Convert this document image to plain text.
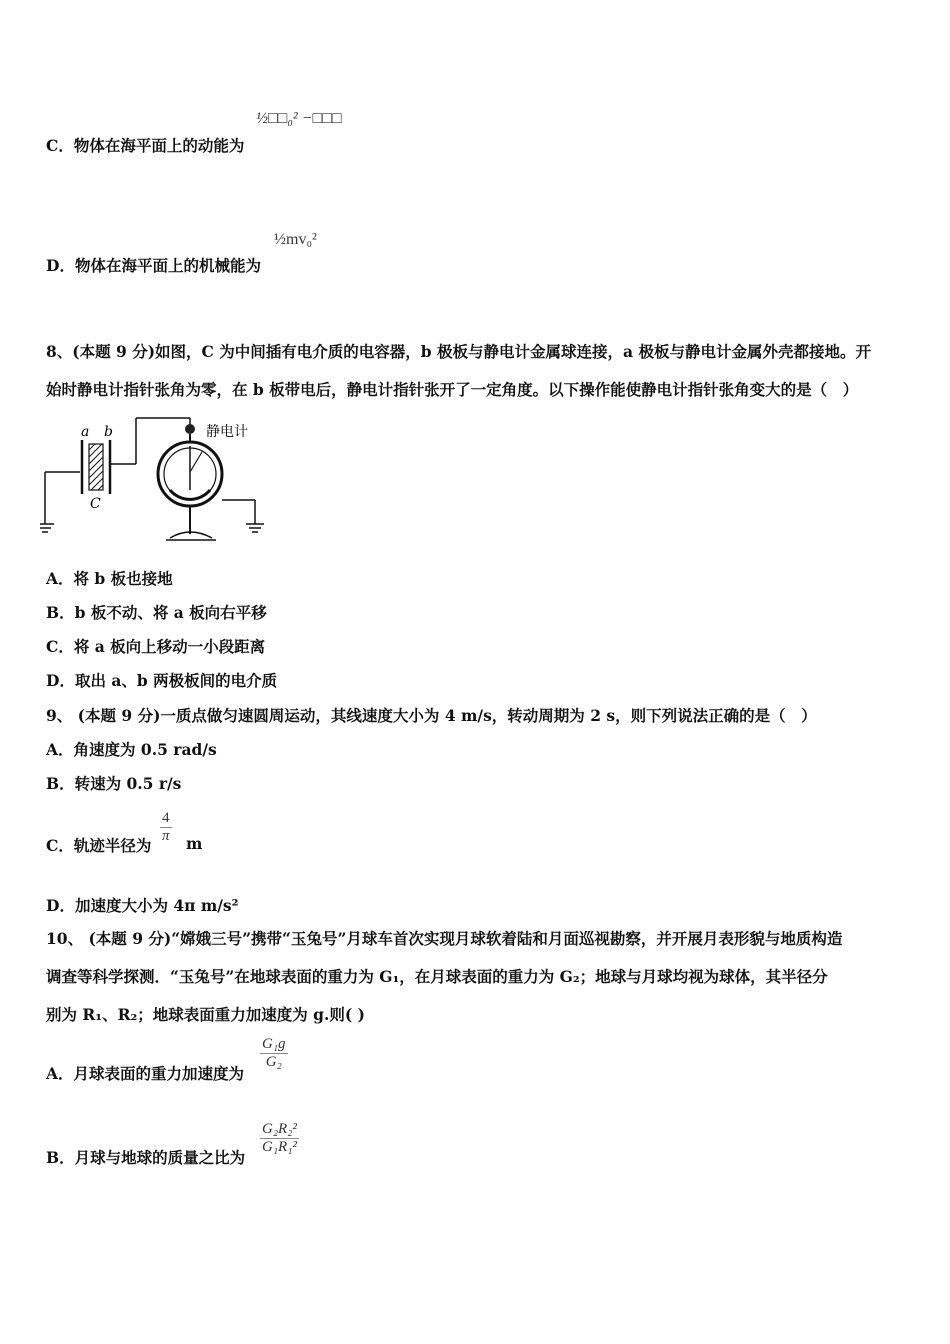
C．物体在海平面上的动能为
½□□₀² −□□□
D．物体在海平面上的机械能为
½mv₀²

8、(本题 9 分)如图，C 为中间插有电介质的电容器，b 极板与静电计金属球连接，a 极板与静电计金属外壳都接地。开

始时静电计指针张角为零，在 b 板带电后，静电计指针张开了一定角度。以下操作能使静电计指针张角变大的是（　）

a b
C
静电计

A．将 b 板也接地

B．b 板不动、将 a 板向右平移

C．将 a 板向上移动一小段距离

D．取出 a、b 两极板间的电介质

9、 (本题 9 分)一质点做匀速圆周运动，其线速度大小为 4 m/s，转动周期为 2 s，则下列说法正确的是（　）

A．角速度为 0.5 rad/s

B．转速为 0.5 r/s

C．轨迹半径为
$\frac{4}{\pi}$ m
D．加速度大小为 4π m/s²

10、 (本题 9 分)“嫦娥三号”携带“玉兔号”月球车首次实现月球软着陆和月面巡视勘察，并开展月表形貌与地质构造

调查等科学探测．“玉兔号”在地球表面的重力为 G₁，在月球表面的重力为 G₂；地球与月球均视为球体，其半径分

别为 R₁、R₂；地球表面重力加速度为 g.则( )

A．月球表面的重力加速度为
$\frac{\text{G₁g}}{\text{G₂}}$
B．月球与地球的质量之比为
$\frac{\text{G₂R₂²}}{\text{G₁R₁²}}$
